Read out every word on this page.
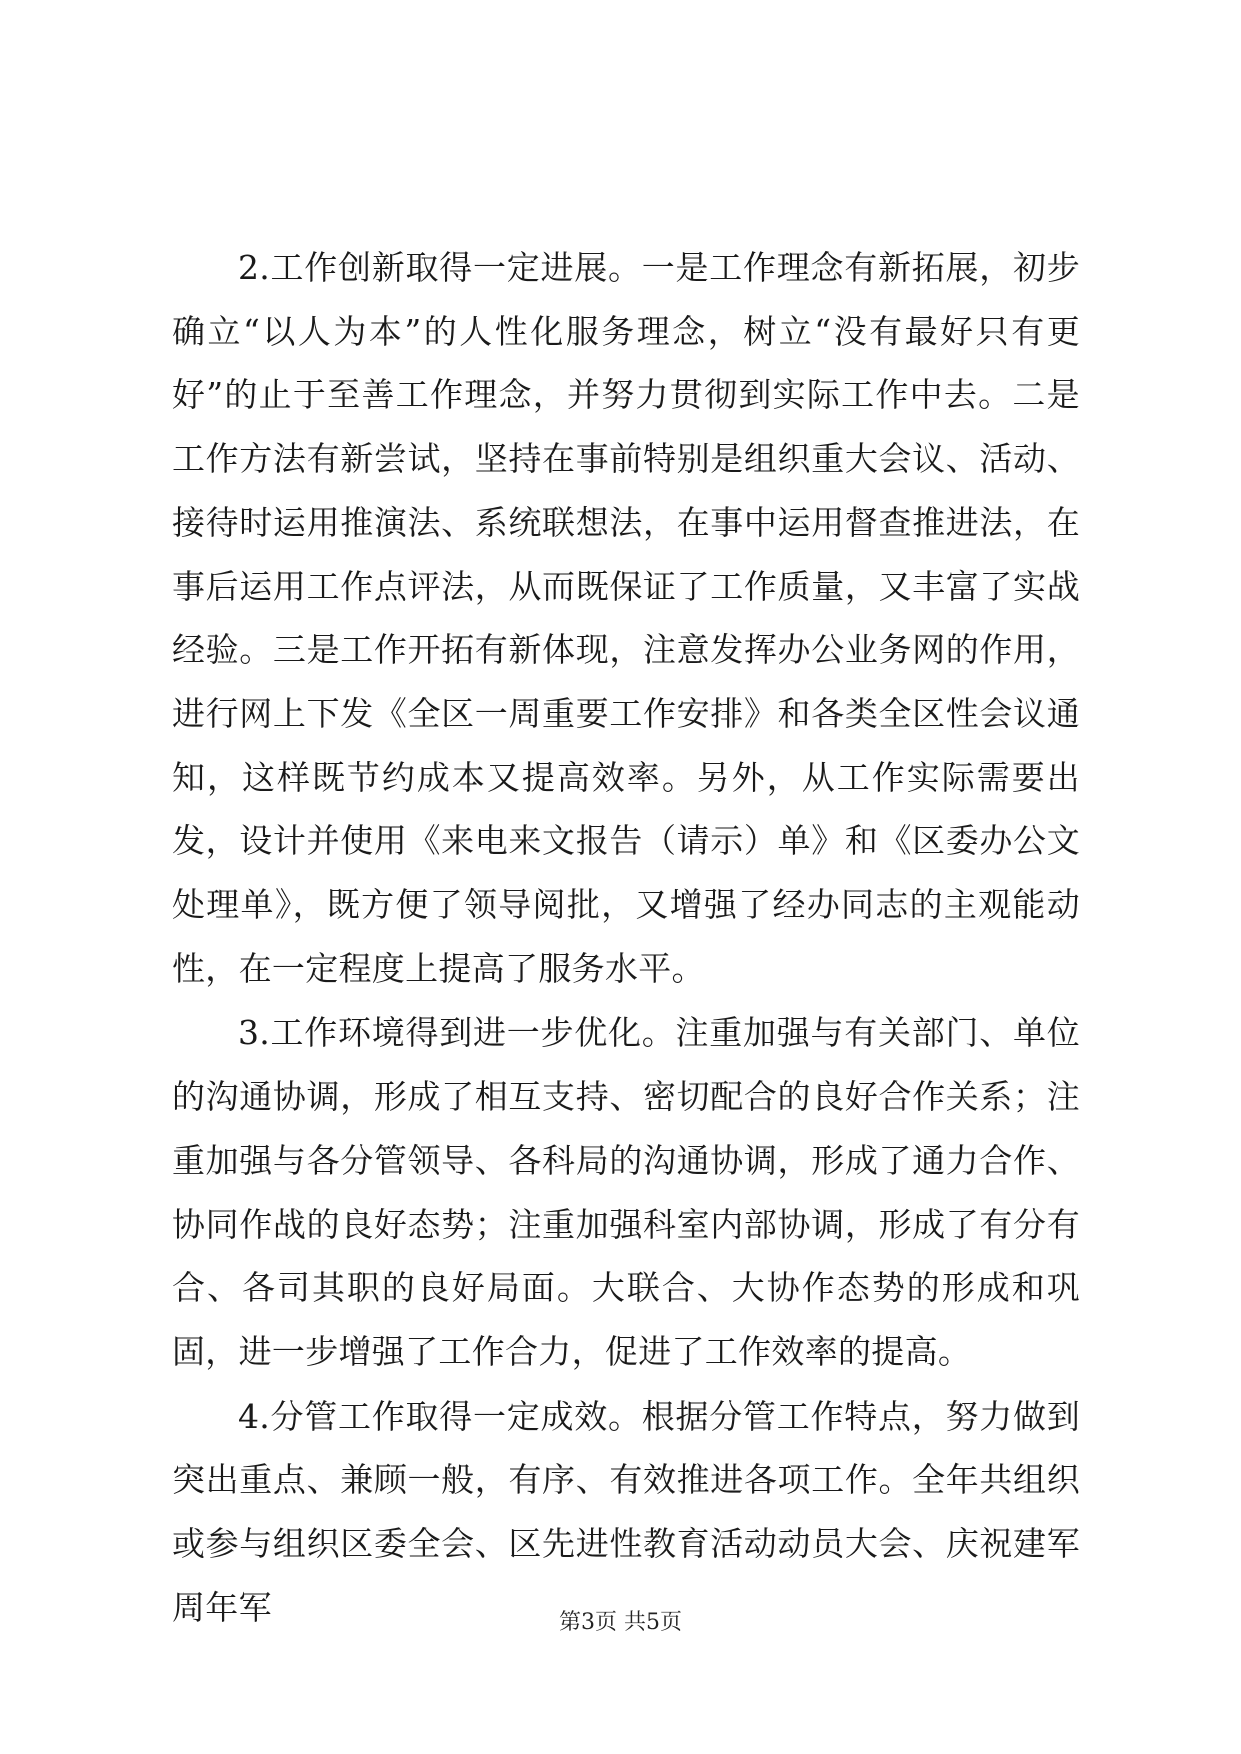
2.工作创新取得一定进展。一是工作理念有新拓展，初步确立“以人为本”的人性化服务理念，树立“没有最好只有更好”的止于至善工作理念，并努力贯彻到实际工作中去。二是工作方法有新尝试，坚持在事前特别是组织重大会议、活动、接待时运用推演法、系统联想法，在事中运用督查推进法，在事后运用工作点评法，从而既保证了工作质量，又丰富了实战经验。三是工作开拓有新体现，注意发挥办公业务网的作用，进行网上下发《全区一周重要工作安排》和各类全区性会议通知，这样既节约成本又提高效率。另外，从工作实际需要出发，设计并使用《来电来文报告（请示）单》和《区委办公文处理单》，既方便了领导阅批，又增强了经办同志的主观能动性，在一定程度上提高了服务水平。

3.工作环境得到进一步优化。注重加强与有关部门、单位的沟通协调，形成了相互支持、密切配合的良好合作关系；注重加强与各分管领导、各科局的沟通协调，形成了通力合作、协同作战的良好态势；注重加强科室内部协调，形成了有分有合、各司其职的良好局面。大联合、大协作态势的形成和巩固，进一步增强了工作合力，促进了工作效率的提高。

4.分管工作取得一定成效。根据分管工作特点，努力做到突出重点、兼顾一般，有序、有效推进各项工作。全年共组织或参与组织区委全会、区先进性教育活动动员大会、庆祝建军周年军	第3页 共5页
